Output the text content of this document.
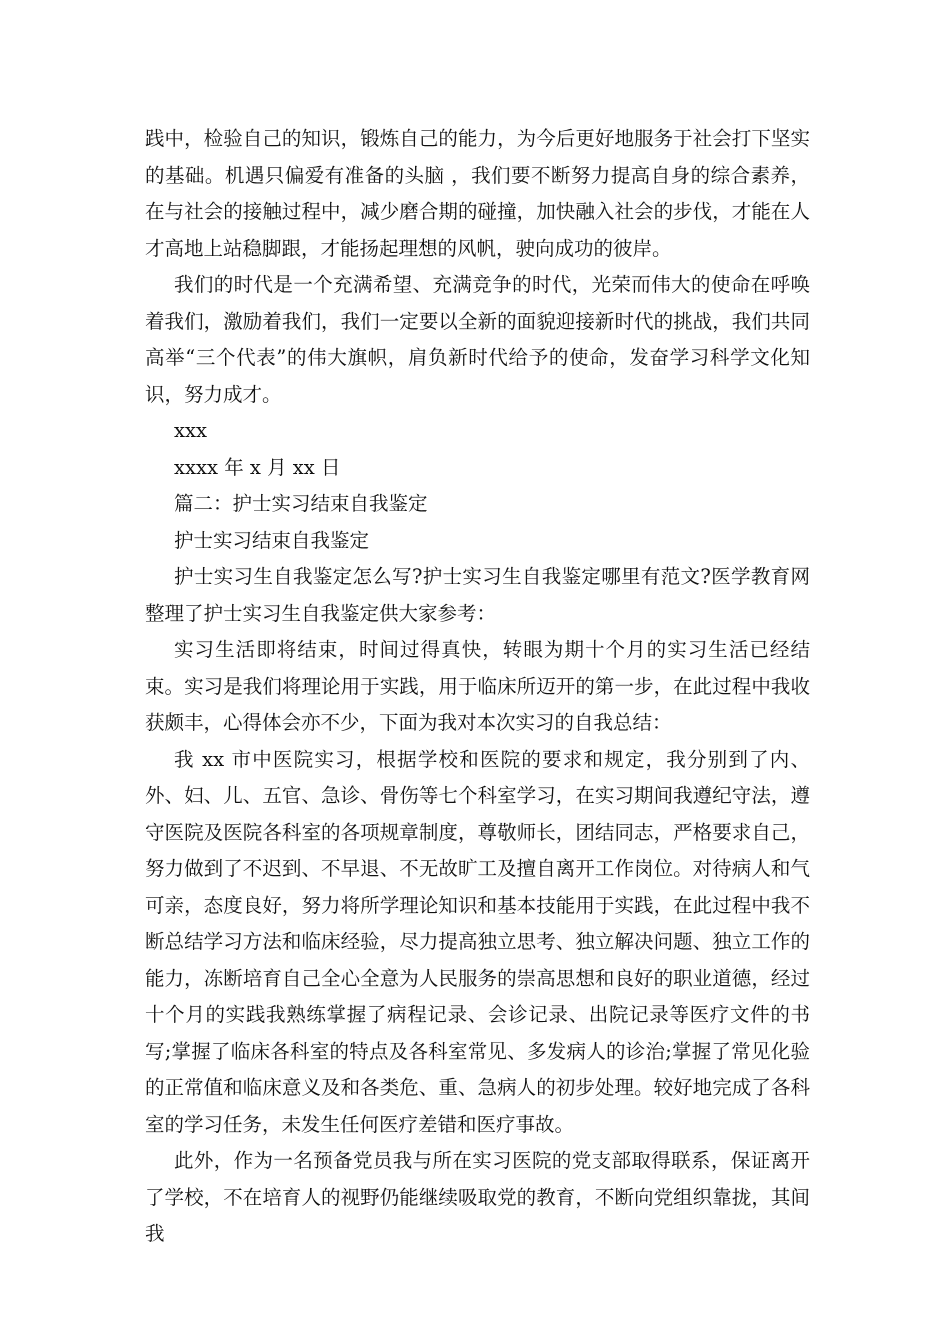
践中，检验自己的知识，锻炼自己的能力，为今后更好地服务于社会打下坚实的基础。机遇只偏爱有准备的头脑 ，我们要不断努力提高自身的综合素养，在与社会的接触过程中，减少磨合期的碰撞，加快融入社会的步伐，才能在人才高地上站稳脚跟，才能扬起理想的风帆，驶向成功的彼岸。

我们的时代是一个充满希望、充满竞争的时代，光荣而伟大的使命在呼唤着我们，激励着我们，我们一定要以全新的面貌迎接新时代的挑战，我们共同高举“三个代表”的伟大旗帜，肩负新时代给予的使命，发奋学习科学文化知识，努力成才。

xxx

xxxx 年 x 月 xx 日

篇二：护士实习结束自我鉴定

护士实习结束自我鉴定

护士实习生自我鉴定怎么写?护士实习生自我鉴定哪里有范文?医学教育网整理了护士实习生自我鉴定供大家参考：

实习生活即将结束，时间过得真快，转眼为期十个月的实习生活已经结束。实习是我们将理论用于实践，用于临床所迈开的第一步，在此过程中我收获颇丰，心得体会亦不少，下面为我对本次实习的自我总结：

我 xx 市中医院实习，根据学校和医院的要求和规定，我分别到了内、外、妇、儿、五官、急诊、骨伤等七个科室学习，在实习期间我遵纪守法，遵守医院及医院各科室的各项规章制度，尊敬师长，团结同志，严格要求自己，努力做到了不迟到、不早退、不无故旷工及擅自离开工作岗位。对待病人和气可亲，态度良好，努力将所学理论知识和基本技能用于实践，在此过程中我不断总结学习方法和临床经验，尽力提高独立思考、独立解决问题、独立工作的能力，冻断培育自己全心全意为人民服务的崇高思想和良好的职业道德，经过十个月的实践我熟练掌握了病程记录、会诊记录、出院记录等医疗文件的书写;掌握了临床各科室的特点及各科室常见、多发病人的诊治;掌握了常见化验的正常值和临床意义及和各类危、重、急病人的初步处理。较好地完成了各科室的学习任务，未发生任何医疗差错和医疗事故。

此外，作为一名预备党员我与所在实习医院的党支部取得联系，保证离开了学校，不在培育人的视野仍能继续吸取党的教育，不断向党组织靠拢，其间我
